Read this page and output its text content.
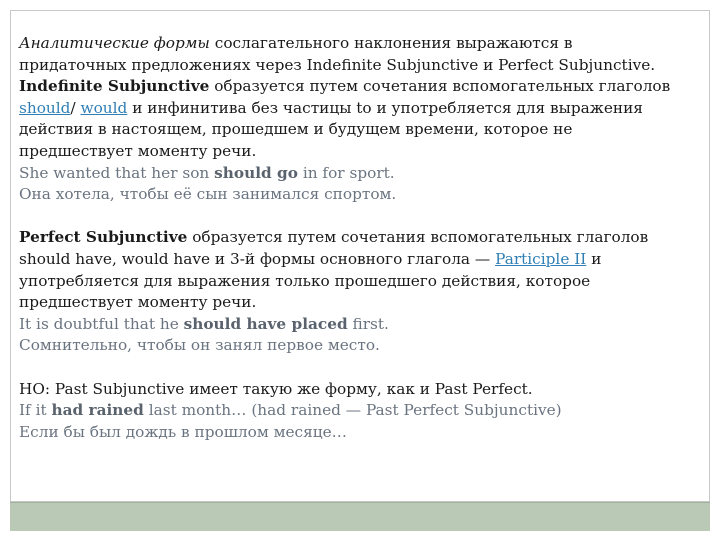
Аналитические формы сослагательного наклонения выражаются в
придаточных предложениях через Indefinite Subjunctive и Perfect Subjunctive.
Indefinite Subjunctive образуется путем сочетания вспомогательных глаголов
should/ would и инфинитива без частицы to и употребляется для выражения
действия в настоящем, прошедшем и будущем времени, которое не
предшествует моменту речи.
She wanted that her son should go in for sport.
Она хотела, чтобы её сын занимался спортом.
Perfect Subjunctive образуется путем сочетания вспомогательных глаголов
should have, would have и 3-й формы основного глагола — Participle II и
употребляется для выражения только прошедшего действия, которое
предшествует моменту речи.
It is doubtful that he should have placed first.
Сомнительно, чтобы он занял первое место.
НО: Past Subjunctive имеет такую же форму, как и Past Perfect.
If it had rained last month… (had rained — Past Perfect Subjunctive)
Если бы был дождь в прошлом месяце…
